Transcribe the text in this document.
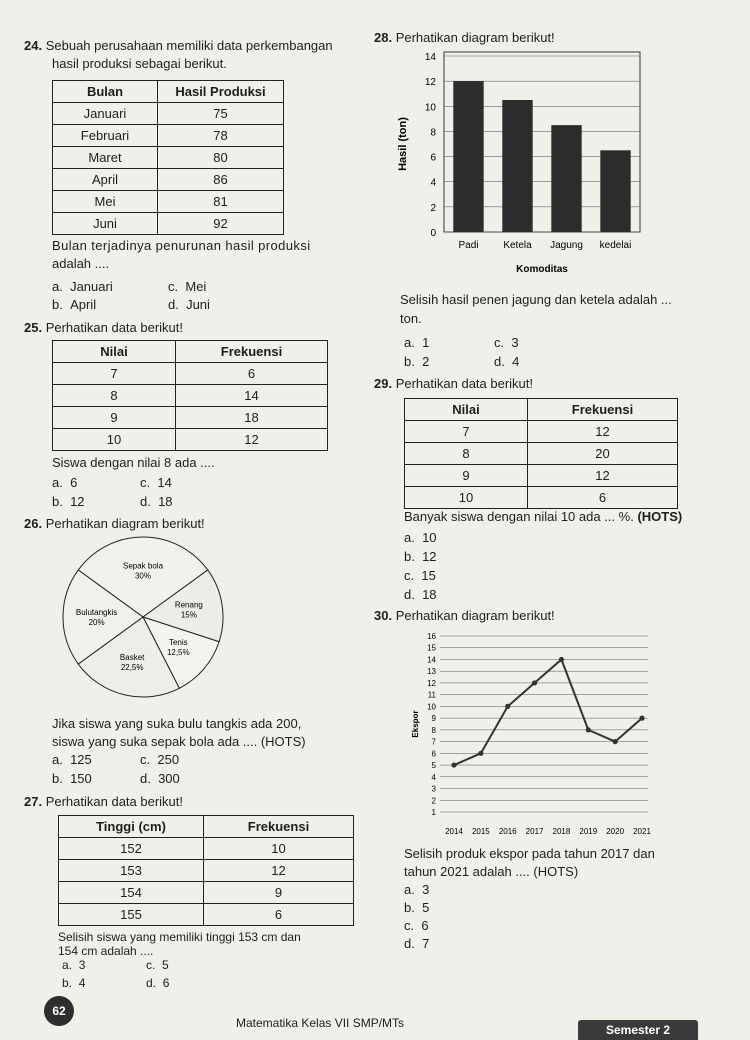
24. Sebuah perusahaan memiliki data perkembangan
hasil produksi sebagai berikut.
Bulan	Hasil Produksi
Januari	75
Februari	78
Maret	80
April	86
Mei	81
Juni	92
Bulan terjadinya penurunan hasil produksi
adalah ....
a. Januari	c. Mei
b. April	d. Juni
25. Perhatikan data berikut!
Nilai	Frekuensi
7	6
8	14
9	18
10	12
Siswa dengan nilai 8 ada ....
a. 6	c. 14
b. 12	d. 18
26. Perhatikan diagram berikut!
Sepak bola
30%
Renang
15%
Tenis
12,5%
Basket
22,5%
Bulutangkis
20%
Jika siswa yang suka bulu tangkis ada 200,
siswa yang suka sepak bola ada .... (HOTS)
a. 125	c. 250
b. 150	d. 300
27. Perhatikan data berikut!
Tinggi (cm)	Frekuensi
152	10
153	12
154	9
155	6
Selisih siswa yang memiliki tinggi 153 cm dan
154 cm adalah ....
a. 3	c. 5
b. 4	d. 6
28. Perhatikan diagram berikut!
0
2
4
6
8
10
12
14
Padi Ketela Jagung kedelai
Komoditas
Hasil (ton)
Selisih hasil penen jagung dan ketela adalah ...
ton.
a. 1	c. 3
b. 2	d. 4
29. Perhatikan data berikut!
Nilai	Frekuensi
7	12
8	20
9	12
10	6
Banyak siswa dengan nilai 10 ada ... %. (HOTS)
a. 10
b. 12
c. 15
d. 18
30. Perhatikan diagram berikut!
1
2
3
4
5
6
7
8
9
10
11
12
13
14
15
16
2014 2015 2016 2017 2018 2019 2020 2021
Ekspor
Selisih produk ekspor pada tahun 2017 dan
tahun 2021 adalah .... (HOTS)
a. 3
b. 5
c. 6
d. 7
62
Matematika Kelas VII SMP/MTs	Semester 2
